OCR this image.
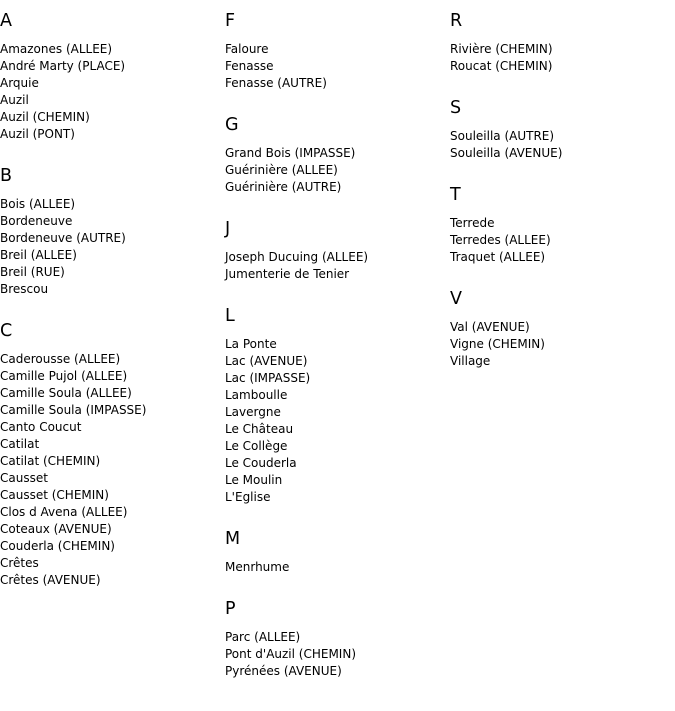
A
Amazones (ALLEE)
André Marty (PLACE)
Arquie
Auzil
Auzil (CHEMIN)
Auzil (PONT)
B
Bois (ALLEE)
Bordeneuve
Bordeneuve (AUTRE)
Breil (ALLEE)
Breil (RUE)
Brescou
C
Caderousse (ALLEE)
Camille Pujol (ALLEE)
Camille Soula (ALLEE)
Camille Soula (IMPASSE)
Canto Coucut
Catilat
Catilat (CHEMIN)
Causset
Causset (CHEMIN)
Clos d Avena (ALLEE)
Coteaux (AVENUE)
Couderla (CHEMIN)
Crêtes
Crêtes (AVENUE)
F
Faloure
Fenasse
Fenasse (AUTRE)
G
Grand Bois (IMPASSE)
Guérinière (ALLEE)
Guérinière (AUTRE)
J
Joseph Ducuing (ALLEE)
Jumenterie de Tenier
L
La Ponte
Lac (AVENUE)
Lac (IMPASSE)
Lamboulle
Lavergne
Le Château
Le Collège
Le Couderla
Le Moulin
L'Eglise
M
Menrhume
P
Parc (ALLEE)
Pont d'Auzil (CHEMIN)
Pyrénées (AVENUE)
R
Rivière (CHEMIN)
Roucat (CHEMIN)
S
Souleilla (AUTRE)
Souleilla (AVENUE)
T
Terrede
Terredes (ALLEE)
Traquet (ALLEE)
V
Val (AVENUE)
Vigne (CHEMIN)
Village
